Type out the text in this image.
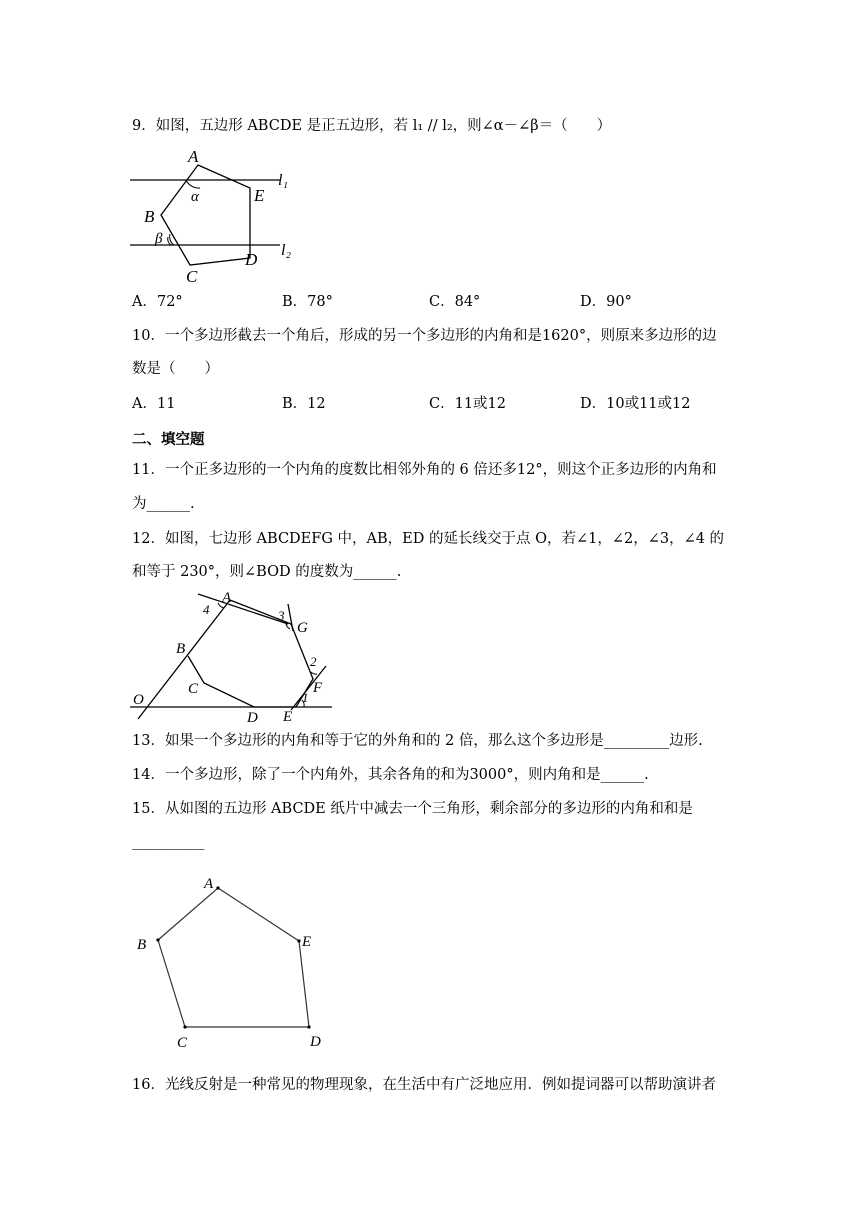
9．如图，五边形 ABCDE 是正五边形，若 l₁ // l₂，则∠α－∠β＝（　　）
A
E
B
C
D
α
β
l₁
l₂
A．72°	B．78°	C．84°	D．90°
10．一个多边形截去一个角后，形成的另一个多边形的内角和是1620°，则原来多边形的边
数是（　　）
A．11	B．12	C．11或12	D．10或11或12
二、填空题
11．一个正多边形的一个内角的度数比相邻外角的 6 倍还多12°，则这个正多边形的内角和
为______.
12．如图，七边形 ABCDEFG 中，AB，ED 的延长线交于点 O，若∠1，∠2，∠3，∠4 的
和等于 230°，则∠BOD 的度数为______.
A
G
F
E
D
C
B
O	1
2
3
4
13．如果一个多边形的内角和等于它的外角和的 2 倍，那么这个多边形是_________边形.
14．一个多边形，除了一个内角外，其余各角的和为3000°，则内角和是______.
15．从如图的五边形 ABCDE 纸片中减去一个三角形，剩余部分的多边形的内角和和是
__________
A
B
C	D
E
16．光线反射是一种常见的物理现象，在生活中有广泛地应用．例如提词器可以帮助演讲者
